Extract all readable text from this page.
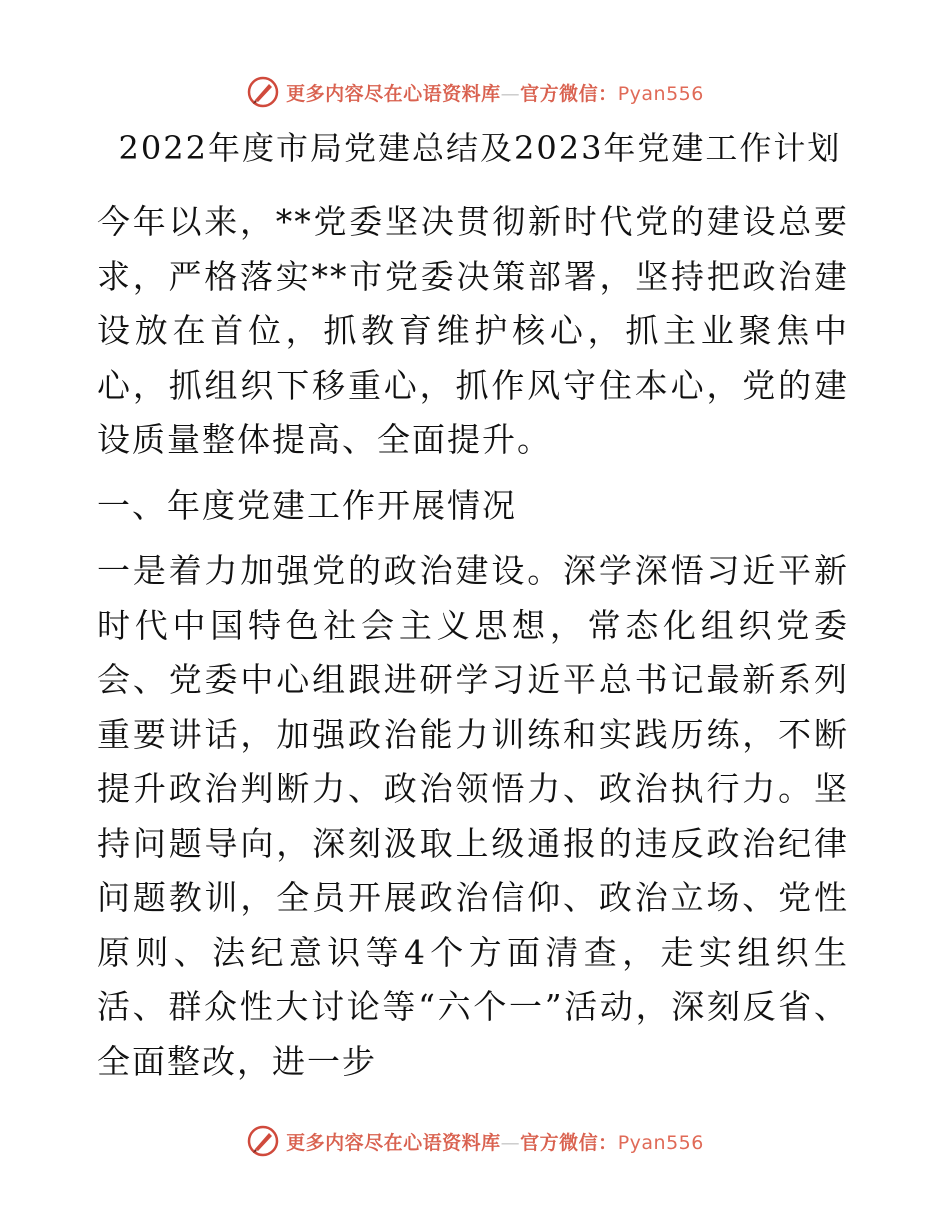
更多内容尽在心语资料库—官方微信：Pyan556
2022年度市局党建总结及2023年党建工作计划

今年以来，**党委坚决贯彻新时代党的建设总要求，严格落实**市党委决策部署，坚持把政治建设放在首位，抓教育维护核心，抓主业聚焦中心，抓组织下移重心，抓作风守住本心，党的建设质量整体提高、全面提升。

一、年度党建工作开展情况

一是着力加强党的政治建设。深学深悟习近平新时代中国特色社会主义思想，常态化组织党委会、党委中心组跟进研学习近平总书记最新系列重要讲话，加强政治能力训练和实践历练，不断提升政治判断力、政治领悟力、政治执行力。坚持问题导向，深刻汲取上级通报的违反政治纪律问题教训，全员开展政治信仰、政治立场、党性原则、法纪意识等4个方面清查，走实组织生活、群众性大讨论等“六个一”活动，深刻反省、全面整改，进一步

更多内容尽在心语资料库—官方微信：Pyan556
